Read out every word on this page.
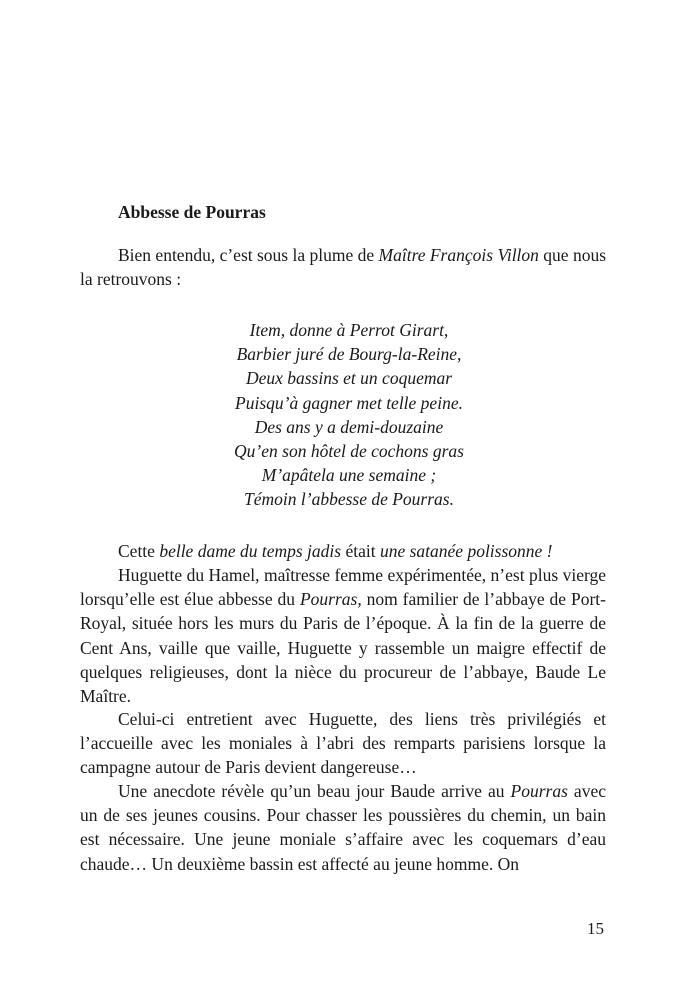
Abbesse de Pourras

Bien entendu, c’est sous la plume de Maître François Villon que nous la retrouvons :

Item, donne à Perrot Girart,
Barbier juré de Bourg-la-Reine,
Deux bassins et un coquemar
Puisqu’à gagner met telle peine.
Des ans y a demi-douzaine
Qu’en son hôtel de cochons gras
M’apâtela une semaine ;
Témoin l’abbesse de Pourras.

Cette belle dame du temps jadis était une satanée polissonne !

Huguette du Hamel, maîtresse femme expérimentée, n’est plus vierge lorsqu’elle est élue abbesse du Pourras, nom familier de l’abbaye de Port-Royal, située hors les murs du Paris de l’époque. À la fin de la guerre de Cent Ans, vaille que vaille, Huguette y rassemble un maigre effectif de quelques religieuses, dont la nièce du procureur de l’abbaye, Baude Le Maître.

Celui-ci entretient avec Huguette, des liens très privilégiés et l’accueille avec les moniales à l’abri des remparts parisiens lorsque la campagne autour de Paris devient dangereuse…

Une anecdote révèle qu’un beau jour Baude arrive au Pourras avec un de ses jeunes cousins. Pour chasser les poussières du chemin, un bain est nécessaire. Une jeune moniale s’affaire avec les coquemars d’eau chaude… Un deuxième bassin est affecté au jeune homme. On

15
